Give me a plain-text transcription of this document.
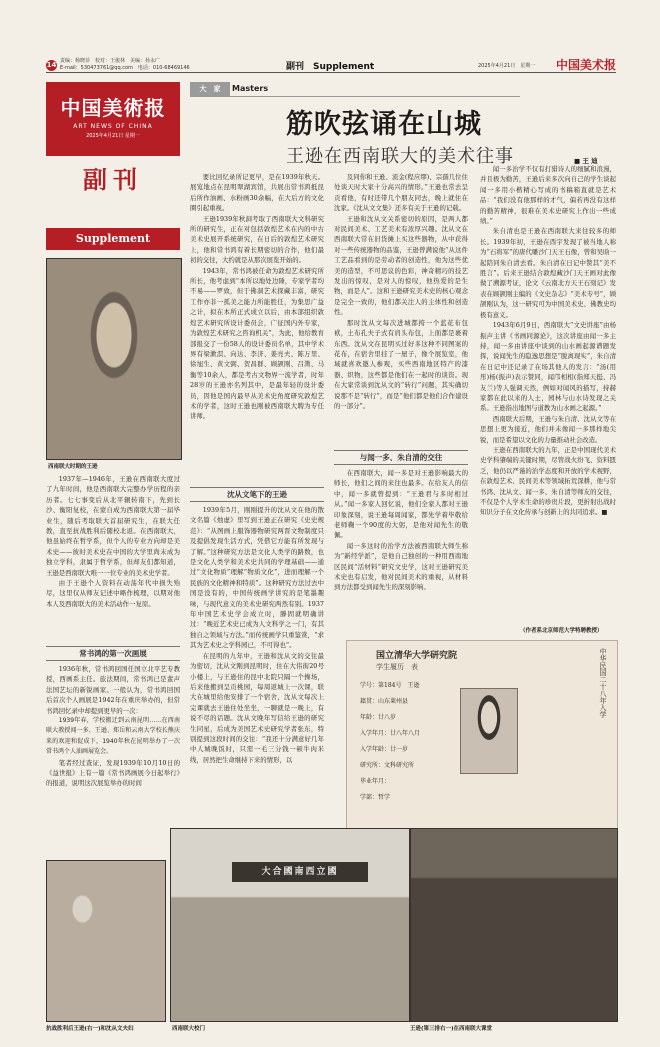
14 责编：杨晓菲　校对：王俊林　美编：孙永广
E-mail：530473761@qq.com　电话：010-68469146	副刊　Supplement	2025年4月21日　星期一 中国美术报
中国美術报
ART NEWS OF CHINA
2025年4月21日 星期一
副刊
Supplement
西南联大时期的王逊

1937年—1946年，王逊在西南联大度过了九年时间，他是西南联大完整办学历程的亲历者。七七事变后从北平辗转南下，先到长沙、衡阳复校，在蒙自成为西南联大第一届毕业生，随后考取联大首届研究生，在联大任教，直至抗战胜利后随校北返。在西南联大，他虽始终在哲学系，但个人的专业方向却是美术史——彼时美术史在中国的大学里尚未成为独立学科，隶属于哲学系，但却友们都知道，王逊是西南联大唯一一位专业的美术史学者。

由于王逊个人资料在动荡年代中损失殆尽，这里仅从师友记述中略作梳理，以期对他本人及西南联大的美术活动作一复原。

常书鸿的第一次画展

1936年秋，常书鸿回国任国立北平艺专教授，西画系主任。旅法期间，常书鸿已是蜚声法国艺坛的新锐画家。一般认为，常书鸿回国后首次个人画展是1942年在重庆举办的，但常书鸿回忆录中却提到更早的一次：

1939年春，学校搬迁到云南昆明……在西南联大教授闻一多、王逊、郑岳和云南大学校长熊庆来的欢迎和促成下，1940年秋在昆明举办了一次常书鸿个人油画展览会。

笔者经过查证，发现1939年10月10日的《益世报》上有一篇《常书鸿画展今日起举行》的报道，说明这次展览举办的时间

大　家	Masters
筋吹弦诵在山城
王逊在西南联大的美术往事	■ 王 迪

要比回忆录所记更早，是在1939年秋天。展览地点在昆明翠湖宾馆，共展出常书鸿抵昆后所作油画、水粉画30余幅，在大后方的文化圈引起重视。

王逊1939年秋洞考取了西南联大文科研究所的研究生，正在对包括敦煌艺术在内的中古美术史展开系统研究，在日后的敦煌艺术研究上，他和常书鸿有着长期密切的合作，他们最初的交往，大约就是从那次展览开始的。

1943年，常书鸿被任命为敦煌艺术研究所所长，他考虑到“本所以地处边陲，专家学者均不易——罗致，但于佛洞艺术探藏丰富，研究工作亦非一孤美之能力所能胜任，为集思广益之计，拟在本所正式成立以后，由本部组织敦煌艺术研究所设计委员会，广征国内外专家，为敦煌艺术研究之咨询机关”，为此，他给教育部报交了一份58人的设计委员名单，其中学术界有梁漱溟、向达、李济、姜亮夫、陈万里、徐旭生、黄文弼、贺昌群、顾颉刚、吕澂、马衡等10余人，都是考古文物界一流学者，时年28岁的王逊亦名列其中，是最年轻的设计委员，因他是国内最早从美术史角度研究敦煌艺术的学者，这时王逊也刚被西南联大聘为专任讲师。

沈从文笔下的王逊

1939年5月，刚刚提升的沈从文在他的散文名篇《烛虚》里写到王逊正在研究《史史规范》：“从图画上服饰器物研究两晋文物制度只及提倡发现生活方式，凭借它方能有所发现与了解。”这种研究方法是文化人类学的路数，也是文化人类学和美术史共同的学理基础——通过“文化物质”理解“物质文化”，进而理解一个民族的文化精神和特质”。这种研究方法过去中国是没有的，中国传统画学讲究的是笔墨趣味，与现代意义的美术史研究两然有别。1937年中国艺术史学会成立时，滕固就明确讲过：“晚近艺术史已成为人文科学之一门，有其独自之领域与方法。”而传统画学只重鉴赏，“求其为艺术史之学科园已，不可得也”。

在昆明的九年中，王逊和沈从文的交往最为密切，沈从文刚到昆明时，住在大伟街20号小楼上，与王逊住的昆中北院只隔一个操场，后来他搬到呈贡桃园，每周返城上一次课，联大在城里给他安排了一个宿舍，沈从文每次上完课就去王逊住处坐坐，一聊就是一晚上，有说不尽的话题。沈从文晚年写信给王逊的研究生同星，后成为美国艺术史研究学者张东，特别提到这段时间的交往：“我还十分满意好几年中人城晚饭时，只需一毛三分钱一顿牛肉米线，居然把生命继持下来的情形，以

及同你和王逊、流金(程应缪)、宗孺几位住处谈天时大家十分高兴的情形。”王逊也常去呈贡看他，有时还带几个朋友同去，晚上就住在沈家。《沈从文文集》还多有关于王逊的记载。

王逊和沈从文关系密切的原因，是两人都对民间美术、工艺美术有浓厚兴趣。沈从文在西南联大常在旧货摊上买这些器物，从中获得对一些传统器物的品鉴，王逊曾满说他“从这件工艺品看到的是劳动者的创造性，他为这些优美的造型，不可思议的色彩，神奇精巧的技艺发出的惊叹，是对人的惊叹，他热爱的是生物，而是人”。这和王逊研究美术史的核心观念是完全一致的，他们都关注人的主体性和创造性。

那时沈从文每次进城都挎一个蓝花布包袱，土布孔夫子式有肩头布包，上面都是裹着东西。沈从文在昆明买过好多这种不同图案的花布，在宿舍里挂了一屋子，像个展览室，他域就喜欢邀人参观，买些西南地区特产的漆器、织物，这些都是他们在一起时的谈资。现在大家常谈到沈从文的“转行”问题，其实确切说那不是“转行”，而是“他们都是他们合作建设的一部分”。

与闻一多、朱自清的交往

在西南联大，闻一多是对王逊影响最大的师长，他们之间的来往也最多。在给友人的信中，闻一多就曾提到：“王逊君与多时相过从。”闻一多家人回忆说，他们全家人都对王逊印象深刻，说王逊每周闻家，都先学着毕敬给老师鞠一个90度的大躬，是他对闻先生的敬佩。

闻一多这时的治学方法被西南联大师生称为“新经学派”，是他自己独创的一种用西南地区民间“活材料”研究文史学，这对王逊研究美术史也有启发，他对民间美术的重视，从材料到方法都受到闻先生的深刻影响。

闻一多治学不仅有打猎诗人的细腻和浪漫，并且极为勤苦，王逊后来多次向自己的学生谈起闻一多用小楷精心写成的书稿箱直就是艺术品：“我们没有他那样的才气，偏若再没有这样的勤苦精神，很难在美术史研究上作出一些成绩。”

朱自清也是王逊在西南联大来往较多的师长。1939年初，王逊在酉宇发现了被当地人称为“石将军”的唐代雕沙门天王石像，曾和吴晗一起陪同朱自清去看。朱自清在日记中赞其“美不胜言”。后来王逊结合敦煌藏沙门天王画对此像做了溯源考证，论文《云南北方天王石刻记》发表在顾颉刚主编的《文史杂志》“美术专号”，顾颉刚认为，这一研究可为中国美术史、佛教史均极有意义。

1943年6月9日，西南联大“文史讲座”由杨振声主讲《书画同源论》，这次讲座由闻一多主持，闻一多由讲座中谈到的山水画起源谱题发挥，说闻先生的隐逸思想是“脱离现实”，朱自清在日记中还记录了在场其他人的发言：“汤(用彤)杨(振声)表示赞同，闻邝相相(指郑天挺、冯友兰)等人强调天然，例如对闻风的描写，持赫家都在此以来的人士，园林与山水诗发现之关系。王逊指出地图与道教为山水画之起源。”

西南联大后期，王逊与朱自清、沈从文等在思想上更为接近，他们并未像闻一多那样地尖锐，而是希望以文化的力量推动社会改造。

王逊在西南联大的九年，正是中国现代美术史学科肇端的关键时期，尽管战火纷飞、资料匮乏，他仍以严谨的治学态度和开放的学术视野，在敦煌艺术、民间美术等领域拓荒深耕，他与常书鸿、沈从文、闻一多、朱自清等师友的交往，不仅是个人学术生命的珍贵片段，更折射出战时知识分子在文化传承与创新上的共同追求。■

（作者系北京师范大学特聘教授）
国立清华大学研究院
学生履历　表
学号：第184号　王逊
籍贯：山东莱州县
年龄：廿八岁
入学年月：廿八年八月
入学年龄：廿一岁
研究所：文科研究所
毕业年月：
学部：哲学
中华民国二十八年入学
大合國南西立國
抗战胜利后王逊(右一)和沈从文夫妇	西南联大校门	王逊(第三排右一)在西南联大课堂
